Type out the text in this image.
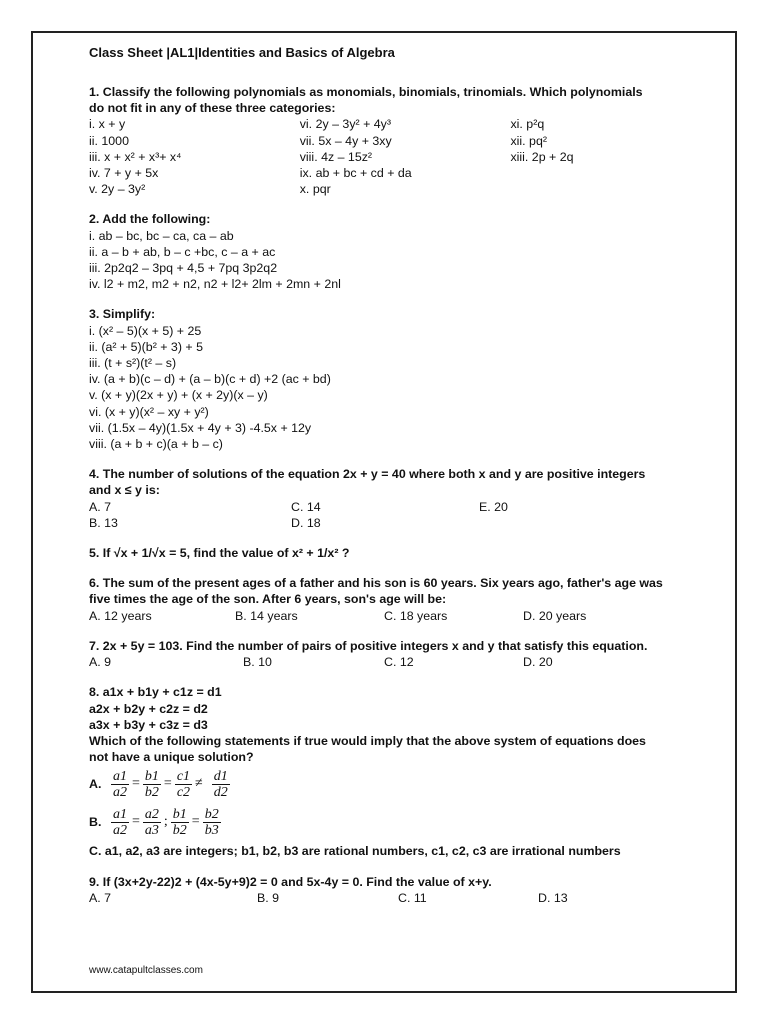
Class Sheet |AL1|Identities and Basics of Algebra
1. Classify the following polynomials as monomials, binomials, trinomials. Which polynomials
do not fit in any of these three categories:
i. x + y	vi. 2y – 3y² + 4y³	xi. p²q
ii. 1000	vii. 5x – 4y + 3xy	xii. pq²
iii. x + x² + x³+ x⁴	viii. 4z – 15z²	xiii. 2p + 2q
iv. 7 + y + 5x	ix. ab + bc + cd + da
v. 2y – 3y²	x. pqr
2. Add the following:
i. ab – bc, bc – ca, ca – ab
ii. a – b + ab, b – c +bc, c – a + ac
iii. 2p2q2 – 3pq + 4,5 + 7pq 3p2q2
iv. l2 + m2, m2 + n2, n2 + l2+ 2lm + 2mn + 2nl
3. Simplify:
i. (x² – 5)(x + 5) + 25
ii. (a² + 5)(b² + 3) + 5
iii. (t + s²)(t² – s)
iv. (a + b)(c – d) + (a – b)(c + d) +2 (ac + bd)
v. (x + y)(2x + y) + (x + 2y)(x – y)
vi. (x + y)(x² – xy + y²)
vii. (1.5x – 4y)(1.5x + 4y + 3) -4.5x + 12y
viii. (a + b + c)(a + b – c)
4. The number of solutions of the equation 2x + y = 40 where both x and y are positive integers
and x ≤ y is:
A. 7	C. 14	E. 20
B. 13	D. 18
5. If √x + 1/√x = 5, find the value of x² + 1/x² ?
6. The sum of the present ages of a father and his son is 60 years. Six years ago, father's age was
five times the age of the son. After 6 years, son's age will be:
A. 12 years	B. 14 years	C. 18 years	D. 20 years
7. 2x + 5y = 103. Find the number of pairs of positive integers x and y that satisfy this equation.
A. 9	B. 10	C. 12	D. 20
8. a1x + b1y + c1z = d1
a2x + b2y + c2z = d2
a3x + b3y + c3z = d3
Which of the following statements if true would imply that the above system of equations does
not have a unique solution?
A. $\frac{a1}{a2} = \frac{b1}{b2} = \frac{c1}{c2} \ne \frac{d1}{d2}$
B. $\frac{a1}{a2} = \frac{a2}{a3}$ ; $\frac{b1}{b2} = \frac{b2}{b3}$
C. a1, a2, a3 are integers; b1, b2, b3 are rational numbers, c1, c2, c3 are irrational numbers
9. If (3x+2y-22)2 + (4x-5y+9)2 = 0 and 5x-4y = 0. Find the value of x+y.
A. 7	B. 9	C. 11	D. 13
www.catapultclasses.com
